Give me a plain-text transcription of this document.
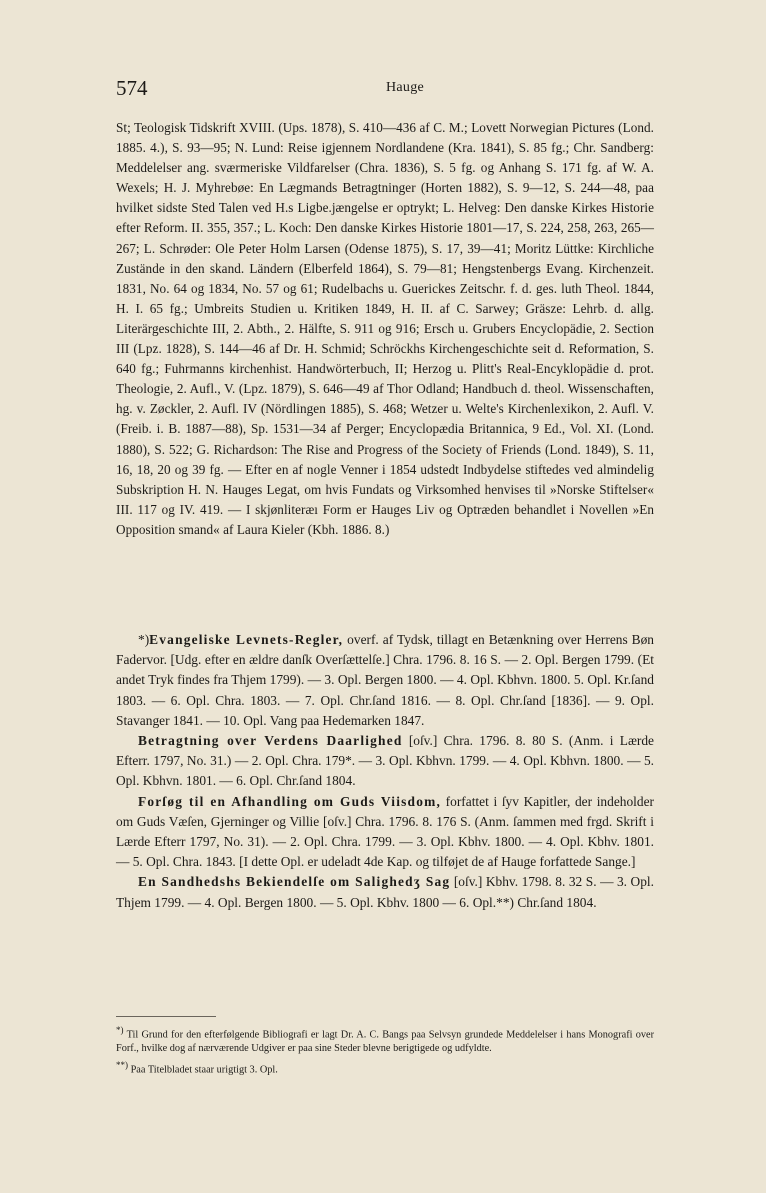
574	Hauge

St; Teologisk Tidskrift XVIII. (Ups. 1878), S. 410—436 af C. M.; Lovett Norwegian Pictures (Lond. 1885. 4.), S. 93—95; N. Lund: Reise igjennem Nordlandene (Kra. 1841), S. 85 fg.; Chr. Sandberg: Meddelelser ang. sværmeriske Vildfarelser (Chra. 1836), S. 5 fg. og Anhang S. 171 fg. af W. A. Wexels; H. J. Myhrebøe: En Lægmands Betragtninger (Horten 1882), S. 9—12, S. 244—48, paa hvilket sidste Sted Talen ved H.s Ligbe.jængelse er optrykt; L. Helveg: Den danske Kirkes Historie efter Reform. II. 355, 357.; L. Koch: Den danske Kirkes Historie 1801—17, S. 224, 258, 263, 265—267; L. Schrøder: Ole Peter Holm Larsen (Odense 1875), S. 17, 39—41; Moritz Lüttke: Kirchliche Zustände in den skand. Ländern (Elberfeld 1864), S. 79—81; Hengstenbergs Evang. Kirchenzeit. 1831, No. 64 og 1834, No. 57 og 61; Rudelbachs u. Guerickes Zeitschr. f. d. ges. luth Theol. 1844, H. I. 65 fg.; Umbreits Studien u. Kritiken 1849, H. II. af C. Sarwey; Gräsze: Lehrb. d. allg. Literärgeschichte III, 2. Abth., 2. Hälfte, S. 911 og 916; Ersch u. Grubers Encyclopädie, 2. Section III (Lpz. 1828), S. 144—46 af Dr. H. Schmid; Schröckhs Kirchengeschichte seit d. Reformation, S. 640 fg.; Fuhrmanns kirchenhist. Handwörterbuch, II; Herzog u. Plitt's Real-Encyklopädie d. prot. Theologie, 2. Aufl., V. (Lpz. 1879), S. 646—49 af Thor Odland; Handbuch d. theol. Wissenschaften, hg. v. Zøckler, 2. Aufl. IV (Nördlingen 1885), S. 468; Wetzer u. Welte's Kirchenlexikon, 2. Aufl. V. (Freib. i. B. 1887—88), Sp. 1531—34 af Perger; Encyclopædia Britannica, 9 Ed., Vol. XI. (Lond. 1880), S. 522; G. Richardson: The Rise and Progress of the Society of Friends (Lond. 1849), S. 11, 16, 18, 20 og 39 fg. — Efter en af nogle Venner i 1854 udstedt Indbydelse stiftedes ved almindelig Subskription H. N. Hauges Legat, om hvis Fundats og Virksomhed henvises til »Norske Stiftelser« III. 117 og IV. 419. — I skjønliteræı Form er Hauges Liv og Optræden behandlet i Novellen »En Opposition smand« af Laura Kieler (Kbh. 1886. 8.)

*)Evangeliske Levnets-Regler, overf. af Tydsk, tillagt en Betænkning over Herrens Bøn Fadervor. [Udg. efter en ældre danſk Overſættelſe.] Chra. 1796. 8. 16 S. — 2. Opl. Bergen 1799. (Et andet Tryk findes fra Thjem 1799). — 3. Opl. Bergen 1800. — 4. Opl. Kbhvn. 1800. 5. Opl. Kr.ſand 1803. — 6. Opl. Chra. 1803. — 7. Opl. Chr.ſand 1816. — 8. Opl. Chr.ſand [1836]. — 9. Opl. Stavanger 1841. — 10. Opl. Vang paa Hedemarken 1847.

Betragtning over Verdens Daarlighed [oſv.] Chra. 1796. 8. 80 S. (Anm. i Lærde Efterr. 1797, No. 31.) — 2. Opl. Chra. 179*. — 3. Opl. Kbhvn. 1799. — 4. Opl. Kbhvn. 1800. — 5. Opl. Kbhvn. 1801. — 6. Opl. Chr.ſand 1804.

Forſøg til en Afhandling om Guds Viisdom, forfattet i ſyv Kapitler, der indeholder om Guds Væſen, Gjerninger og Villie [oſv.] Chra. 1796. 8. 176 S. (Anm. ſammen med frgd. Skrift i Lærde Efterr 1797, No. 31). — 2. Opl. Chra. 1799. — 3. Opl. Kbhv. 1800. — 4. Opl. Kbhv. 1801. — 5. Opl. Chra. 1843. [I dette Opl. er udeladt 4de Kap. og tilføjet de af Hauge forfattede Sange.]

En Sandhedshs Bekiendelſe om Salighedʒ Sag [oſv.] Kbhv. 1798. 8. 32 S. — 3. Opl. Thjem 1799. — 4. Opl. Bergen 1800. — 5. Opl. Kbhv. 1800 — 6. Opl.**) Chr.ſand 1804.

*) Til Grund for den efterfølgende Bibliografi er lagt Dr. A. C. Bangs paa Selvsyn grundede Meddelelser i hans Monografi over Forf., hvilke dog af nærværende Udgiver er paa sine Steder blevne berigtigede og udfyldte.

**) Paa Titelbladet staar urigtigt 3. Opl.
